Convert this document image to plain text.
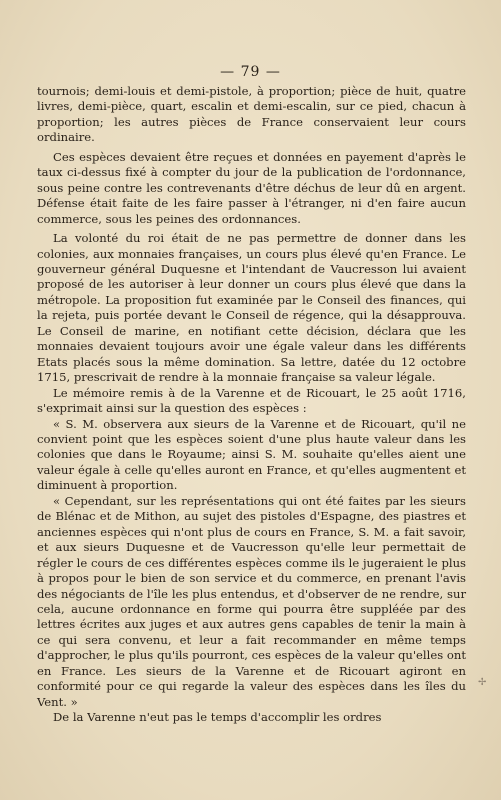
— 79 —

tournois; demi-louis et demi-pistole, à proportion; pièce de huit, quatre livres, demi-pièce, quart, escalin et demi-escalin, sur ce pied, chacun à proportion; les autres pièces de France conservaient leur cours ordinaire.

Ces espèces devaient être reçues et données en payement d'après le taux ci-dessus fixé à compter du jour de la publication de l'ordonnance, sous peine contre les contrevenants d'être déchus de leur dû en argent. Défense était faite de les faire passer à l'étranger, ni d'en faire aucun commerce, sous les peines des ordonnances.

La volonté du roi était de ne pas permettre de donner dans les colonies, aux monnaies françaises, un cours plus élevé qu'en France. Le gouverneur général Duquesne et l'intendant de Vaucresson lui avaient proposé de les autoriser à leur donner un cours plus élevé que dans la métropole. La proposition fut examinée par le Conseil des finances, qui la rejeta, puis portée devant le Conseil de régence, qui la désapprouva. Le Conseil de marine, en notifiant cette décision, déclara que les monnaies devaient toujours avoir une égale valeur dans les différents Etats placés sous la même domination. Sa lettre, datée du 12 octobre 1715, prescrivait de rendre à la monnaie française sa valeur légale.

Le mémoire remis à de la Varenne et de Ricouart, le 25 août 1716, s'exprimait ainsi sur la question des espèces :

« S. M. observera aux sieurs de la Varenne et de Ricouart, qu'il ne convient point que les espèces soient d'une plus haute valeur dans les colonies que dans le Royaume; ainsi S. M. souhaite qu'elles aient une valeur égale à celle qu'elles auront en France, et qu'elles augmentent et diminuent à proportion.

« Cependant, sur les représentations qui ont été faites par les sieurs de Blénac et de Mithon, au sujet des pistoles d'Espagne, des piastres et anciennes espèces qui n'ont plus de cours en France, S. M. a fait savoir, et aux sieurs Duquesne et de Vaucresson qu'elle leur permettait de régler le cours de ces différentes espèces comme ils le jugeraient le plus à propos pour le bien de son service et du commerce, en prenant l'avis des négociants de l'île les plus entendus, et d'observer de ne rendre, sur cela, aucune ordonnance en forme qui pourra être suppléée par des lettres écrites aux juges et aux autres gens capables de tenir la main à ce qui sera convenu, et leur a fait recommander en même temps d'approcher, le plus qu'ils pourront, ces espèces de la valeur qu'elles ont en France. Les sieurs de la Varenne et de Ricouart agiront en conformité pour ce qui regarde la valeur des espèces dans les îles du Vent. »

De la Varenne n'eut pas le temps d'accomplir les ordres

✢
